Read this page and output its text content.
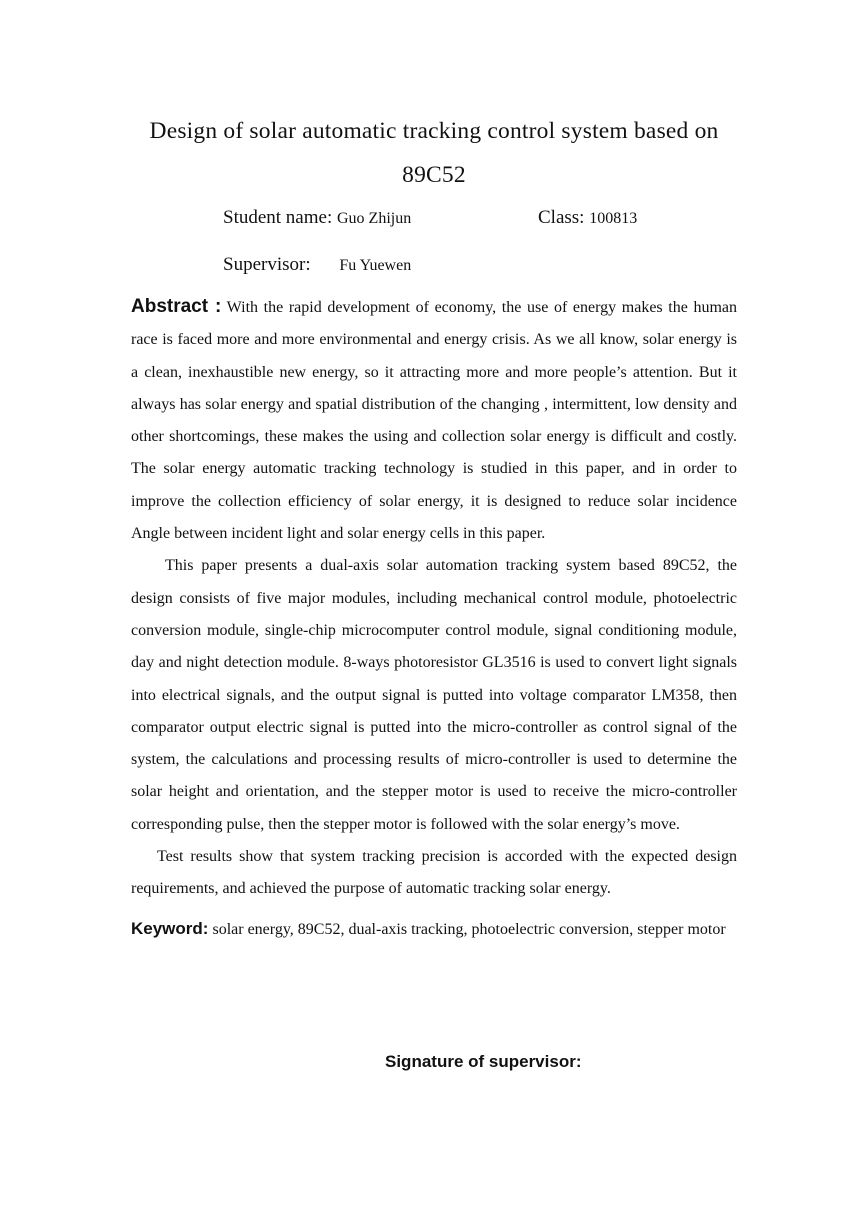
Design of solar automatic tracking control system based on
89C52
Student name: Guo Zhijun	Class: 100813
Supervisor: Fu Yuewen

Abstract : With the rapid development of economy, the use of energy makes the human race is faced more and more environmental and energy crisis. As we all know, solar energy is a clean, inexhaustible new energy, so it attracting more and more people’s attention. But it always has solar energy and spatial distribution of the changing , intermittent, low density and other shortcomings, these makes the using and collection solar energy is difficult and costly. The solar energy automatic tracking technology is studied in this paper, and in order to improve the collection efficiency of solar energy, it is designed to reduce solar incidence Angle between incident light and solar energy cells in this paper.

This paper presents a dual-axis solar automation tracking system based 89C52, the design consists of five major modules, including mechanical control module, photoelectric conversion module, single-chip microcomputer control module, signal conditioning module, day and night detection module. 8-ways photoresistor GL3516 is used to convert light signals into electrical signals, and the output signal is putted into voltage comparator LM358, then comparator output electric signal is putted into the micro-controller as control signal of the system, the calculations and processing results of micro-controller is used to determine the solar height and orientation, and the stepper motor is used to receive the micro-controller corresponding pulse, then the stepper motor is followed with the solar energy’s move.

Test results show that system tracking precision is accorded with the expected design requirements, and achieved the purpose of automatic tracking solar energy.

Keyword: solar energy, 89C52, dual-axis tracking, photoelectric conversion, stepper motor

Signature of supervisor:
